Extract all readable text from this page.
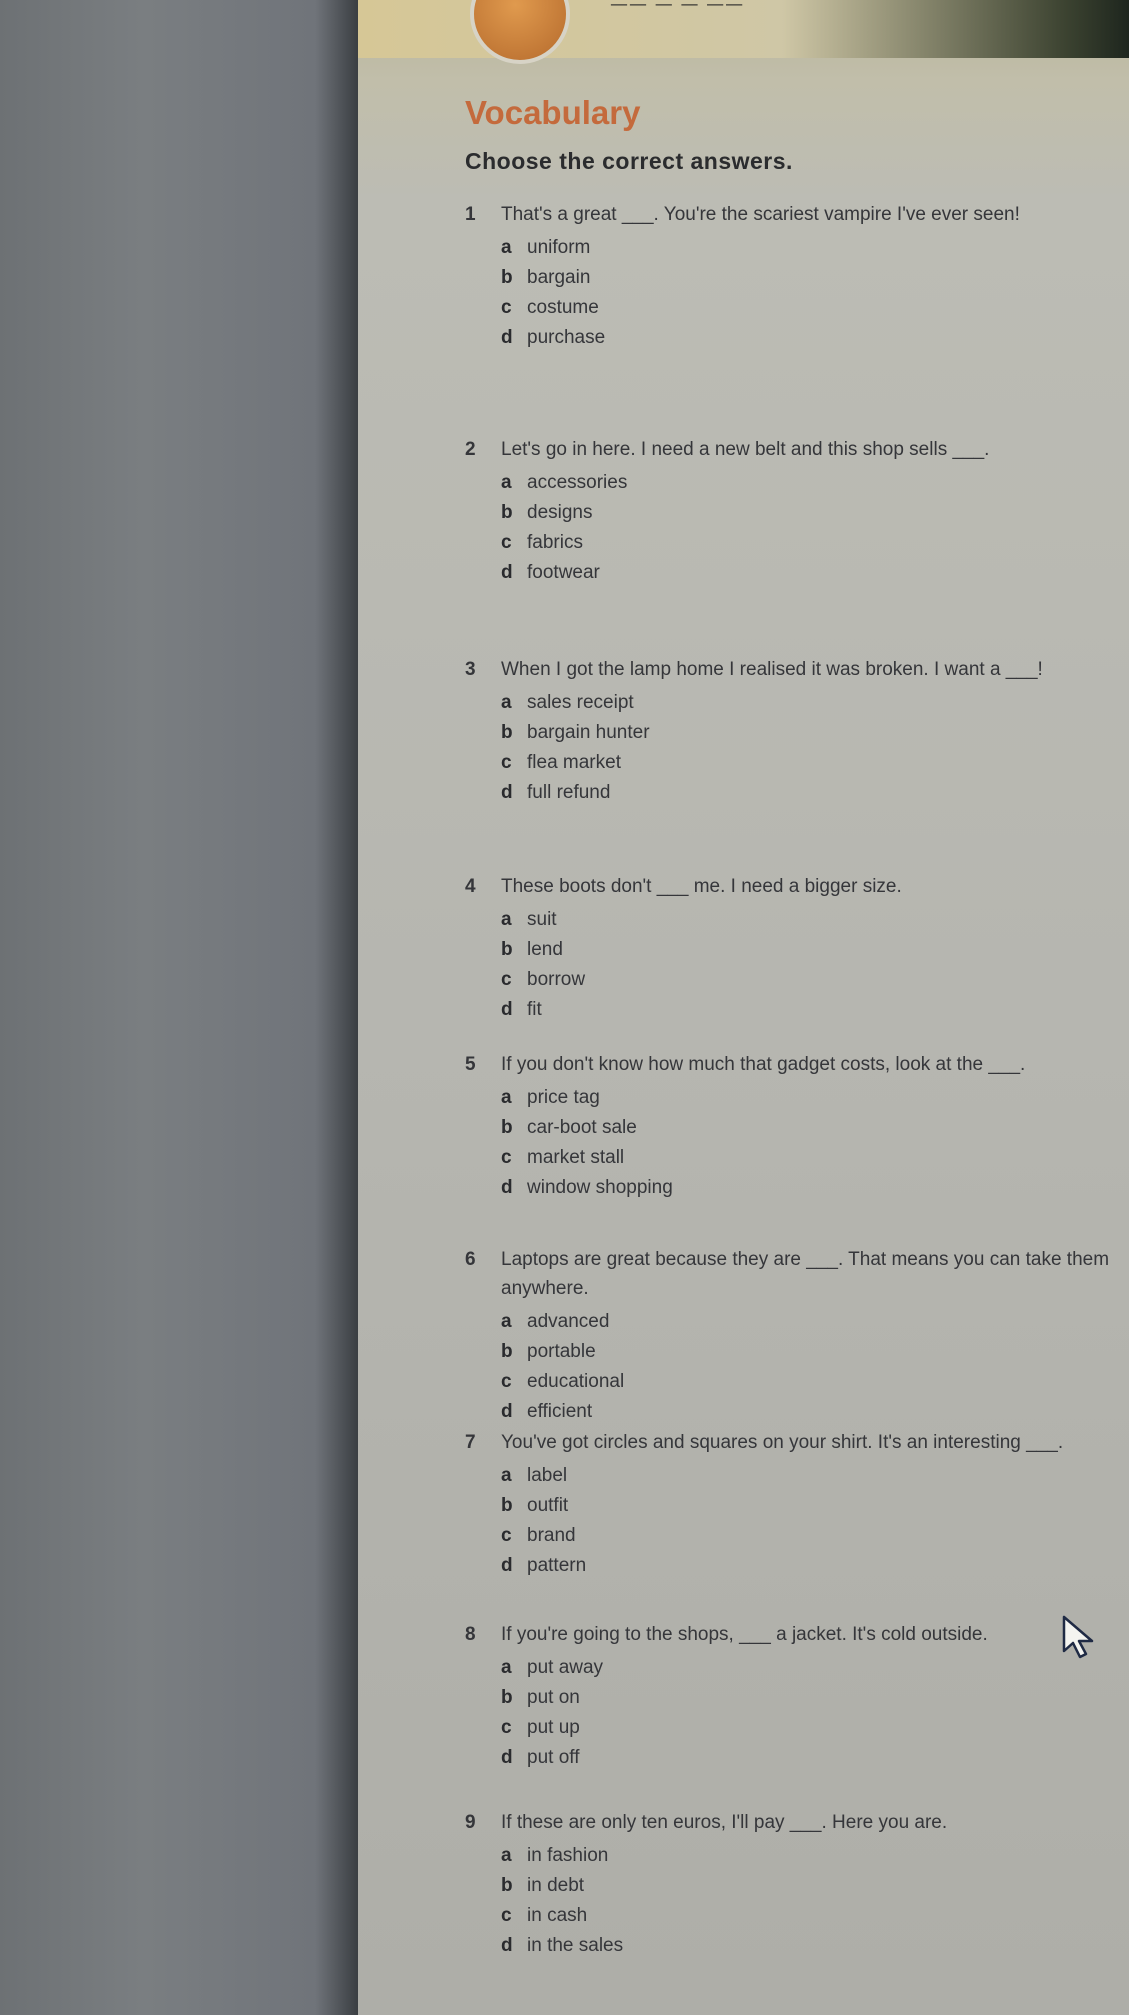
—— — — ——
Vocabulary
Choose the correct answers.
1 That's a great ___. You're the scariest vampire I've ever seen!
a uniform
b bargain
c costume
d purchase
2 Let's go in here. I need a new belt and this shop sells ___.
a accessories
b designs
c fabrics
d footwear
3 When I got the lamp home I realised it was broken. I want a ___!
a sales receipt
b bargain hunter
c flea market
d full refund
4 These boots don't ___ me. I need a bigger size.
a suit
b lend
c borrow
d fit
5 If you don't know how much that gadget costs, look at the ___.
a price tag
b car-boot sale
c market stall
d window shopping
6 Laptops are great because they are ___. That means you can take them anywhere.
a advanced
b portable
c educational
d efficient
7 You've got circles and squares on your shirt. It's an interesting ___.
a label
b outfit
c brand
d pattern
8 If you're going to the shops, ___ a jacket. It's cold outside.
a put away
b put on
c put up
d put off
9 If these are only ten euros, I'll pay ___. Here you are.
a in fashion
b in debt
c in cash
d in the sales
